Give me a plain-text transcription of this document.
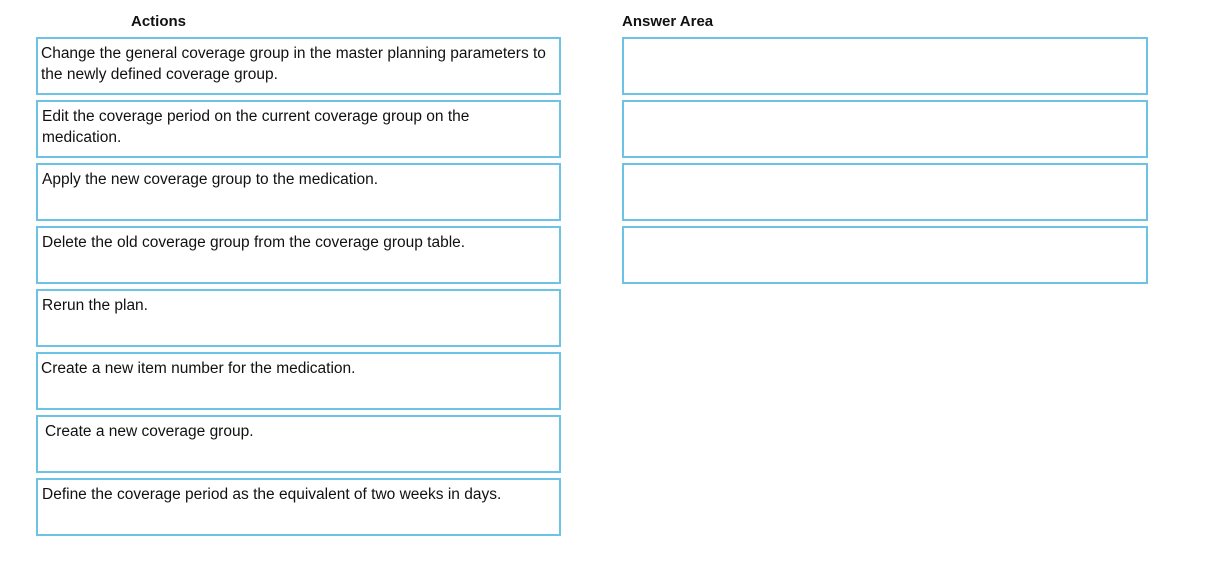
Actions	Answer Area
Change the general coverage group in the master planning parameters to the newly defined coverage group.
Edit the coverage period on the current coverage group on the medication.
Apply the new coverage group to the medication.
Delete the old coverage group from the coverage group table.
Rerun the plan.
Create a new item number for the medication.
Create a new coverage group.
Define the coverage period as the equivalent of two weeks in days.
